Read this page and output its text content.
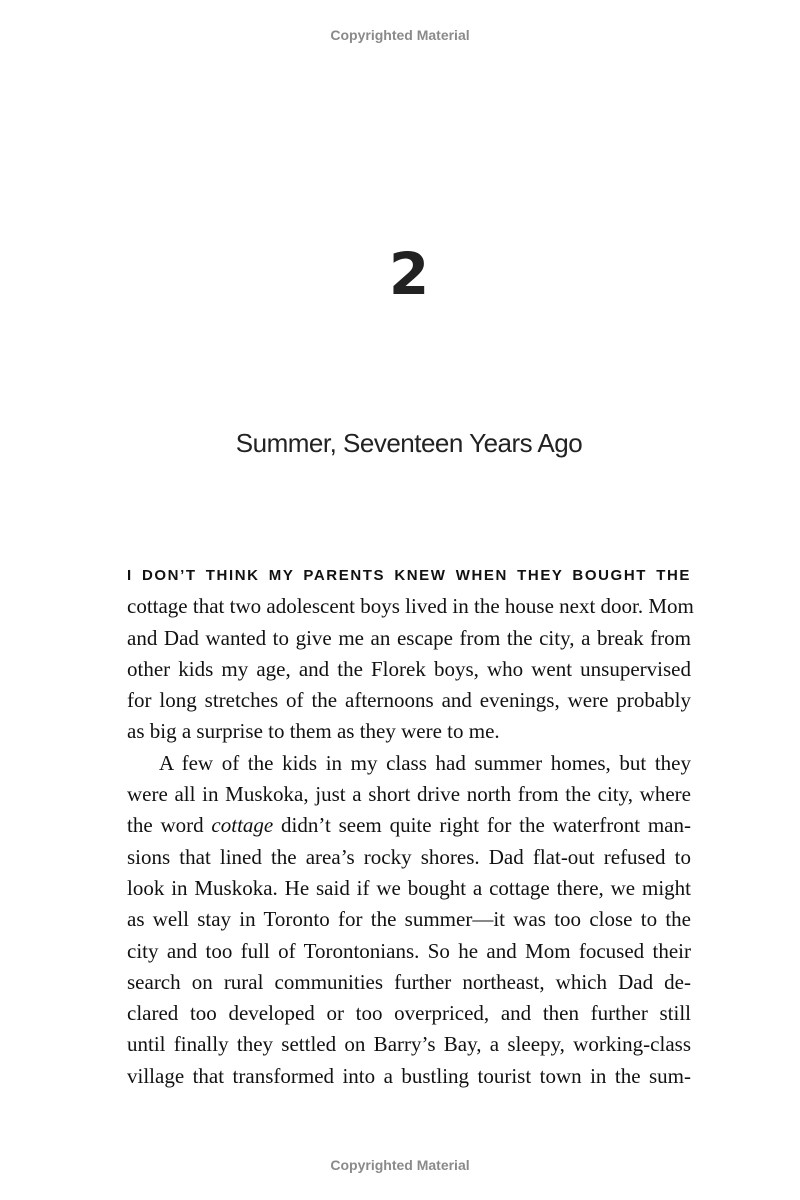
Copyrighted Material
2
Summer, Seventeen Years Ago
I DON’T THINK MY PARENTS KNEW WHEN THEY BOUGHT THE
cottage that two adolescent boys lived in the house next door. Mom
and Dad wanted to give me an escape from the city, a break from
other kids my age, and the Florek boys, who went unsupervised
for long stretches of the afternoons and evenings, were probably
as big a surprise to them as they were to me.
A few of the kids in my class had summer homes, but they
were all in Muskoka, just a short drive north from the city, where
the word cottage didn’t seem quite right for the waterfront man-
sions that lined the area’s rocky shores. Dad flat-out refused to
look in Muskoka. He said if we bought a cottage there, we might
as well stay in Toronto for the summer—it was too close to the
city and too full of Torontonians. So he and Mom focused their
search on rural communities further northeast, which Dad de-
clared too developed or too overpriced, and then further still
until finally they settled on Barry’s Bay, a sleepy, working-class
village that transformed into a bustling tourist town in the sum-
Copyrighted Material
